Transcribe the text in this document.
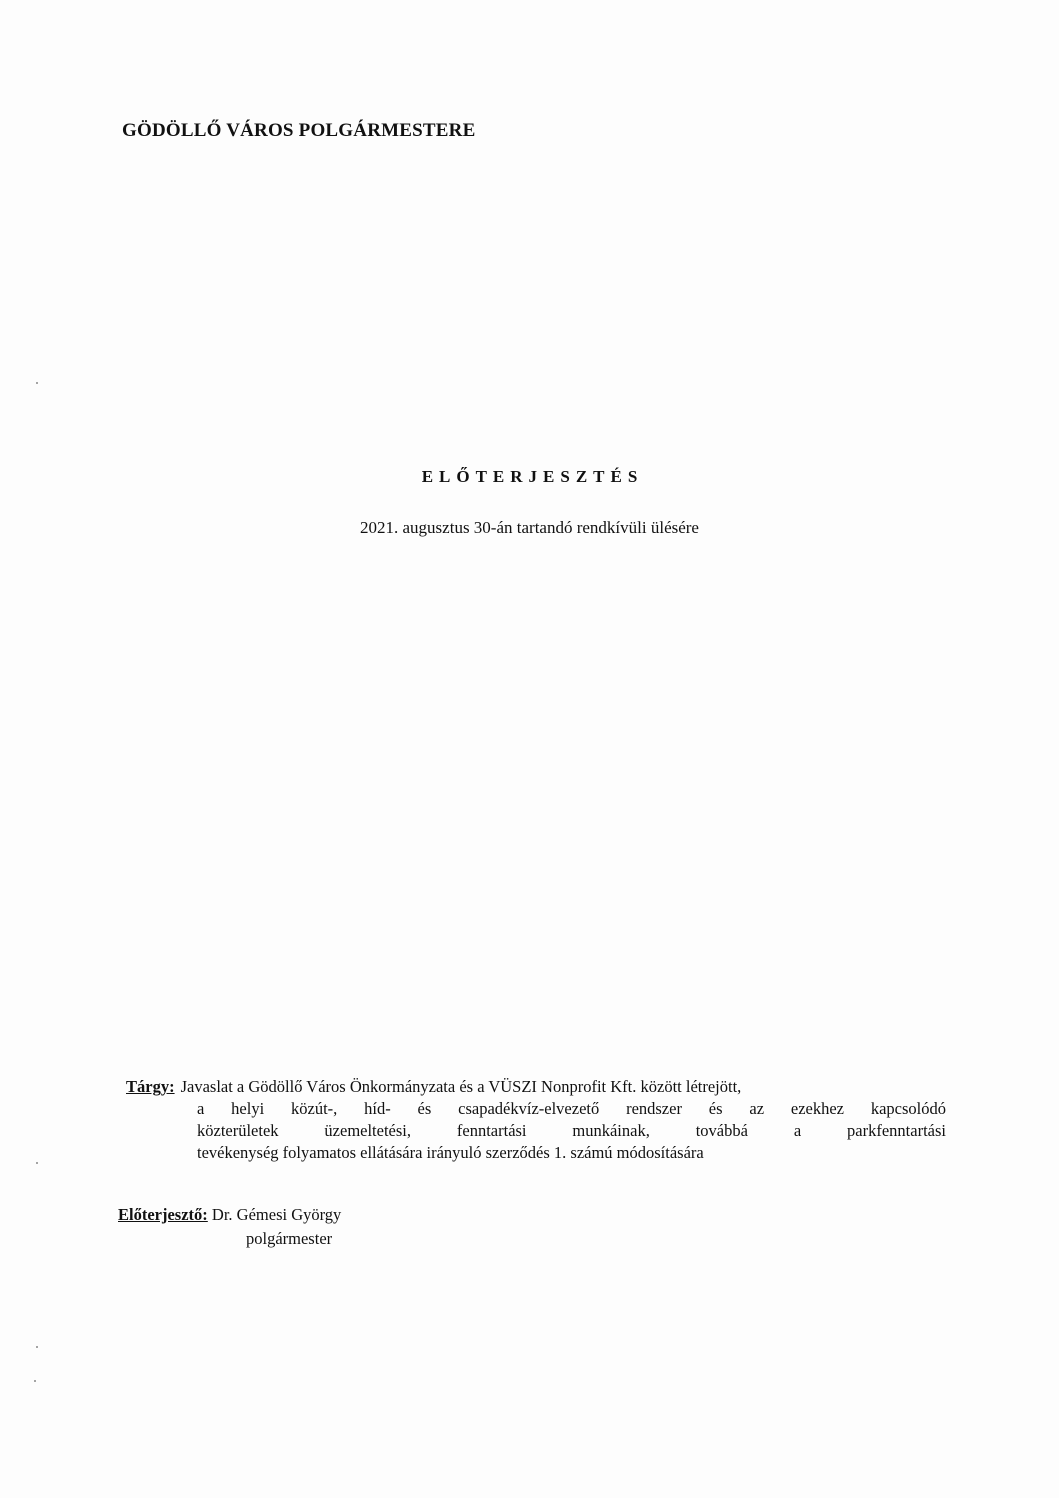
GÖDÖLLŐ VÁROS POLGÁRMESTERE
ELŐTERJESZTÉS
2021. augusztus 30-án tartandó rendkívüli ülésére
Tárgy: Javaslat a Gödöllő Város Önkormányzata és a VÜSZI Nonprofit Kft. között létrejött,
a helyi közút-, híd- és csapadékvíz-elvezető rendszer és az ezekhez kapcsolódó
közterületek üzemeltetési, fenntartási munkáinak, továbbá a parkfenntartási
tevékenység folyamatos ellátására irányuló szerződés 1. számú módosítására
Előterjesztő: Dr. Gémesi György
polgármester
